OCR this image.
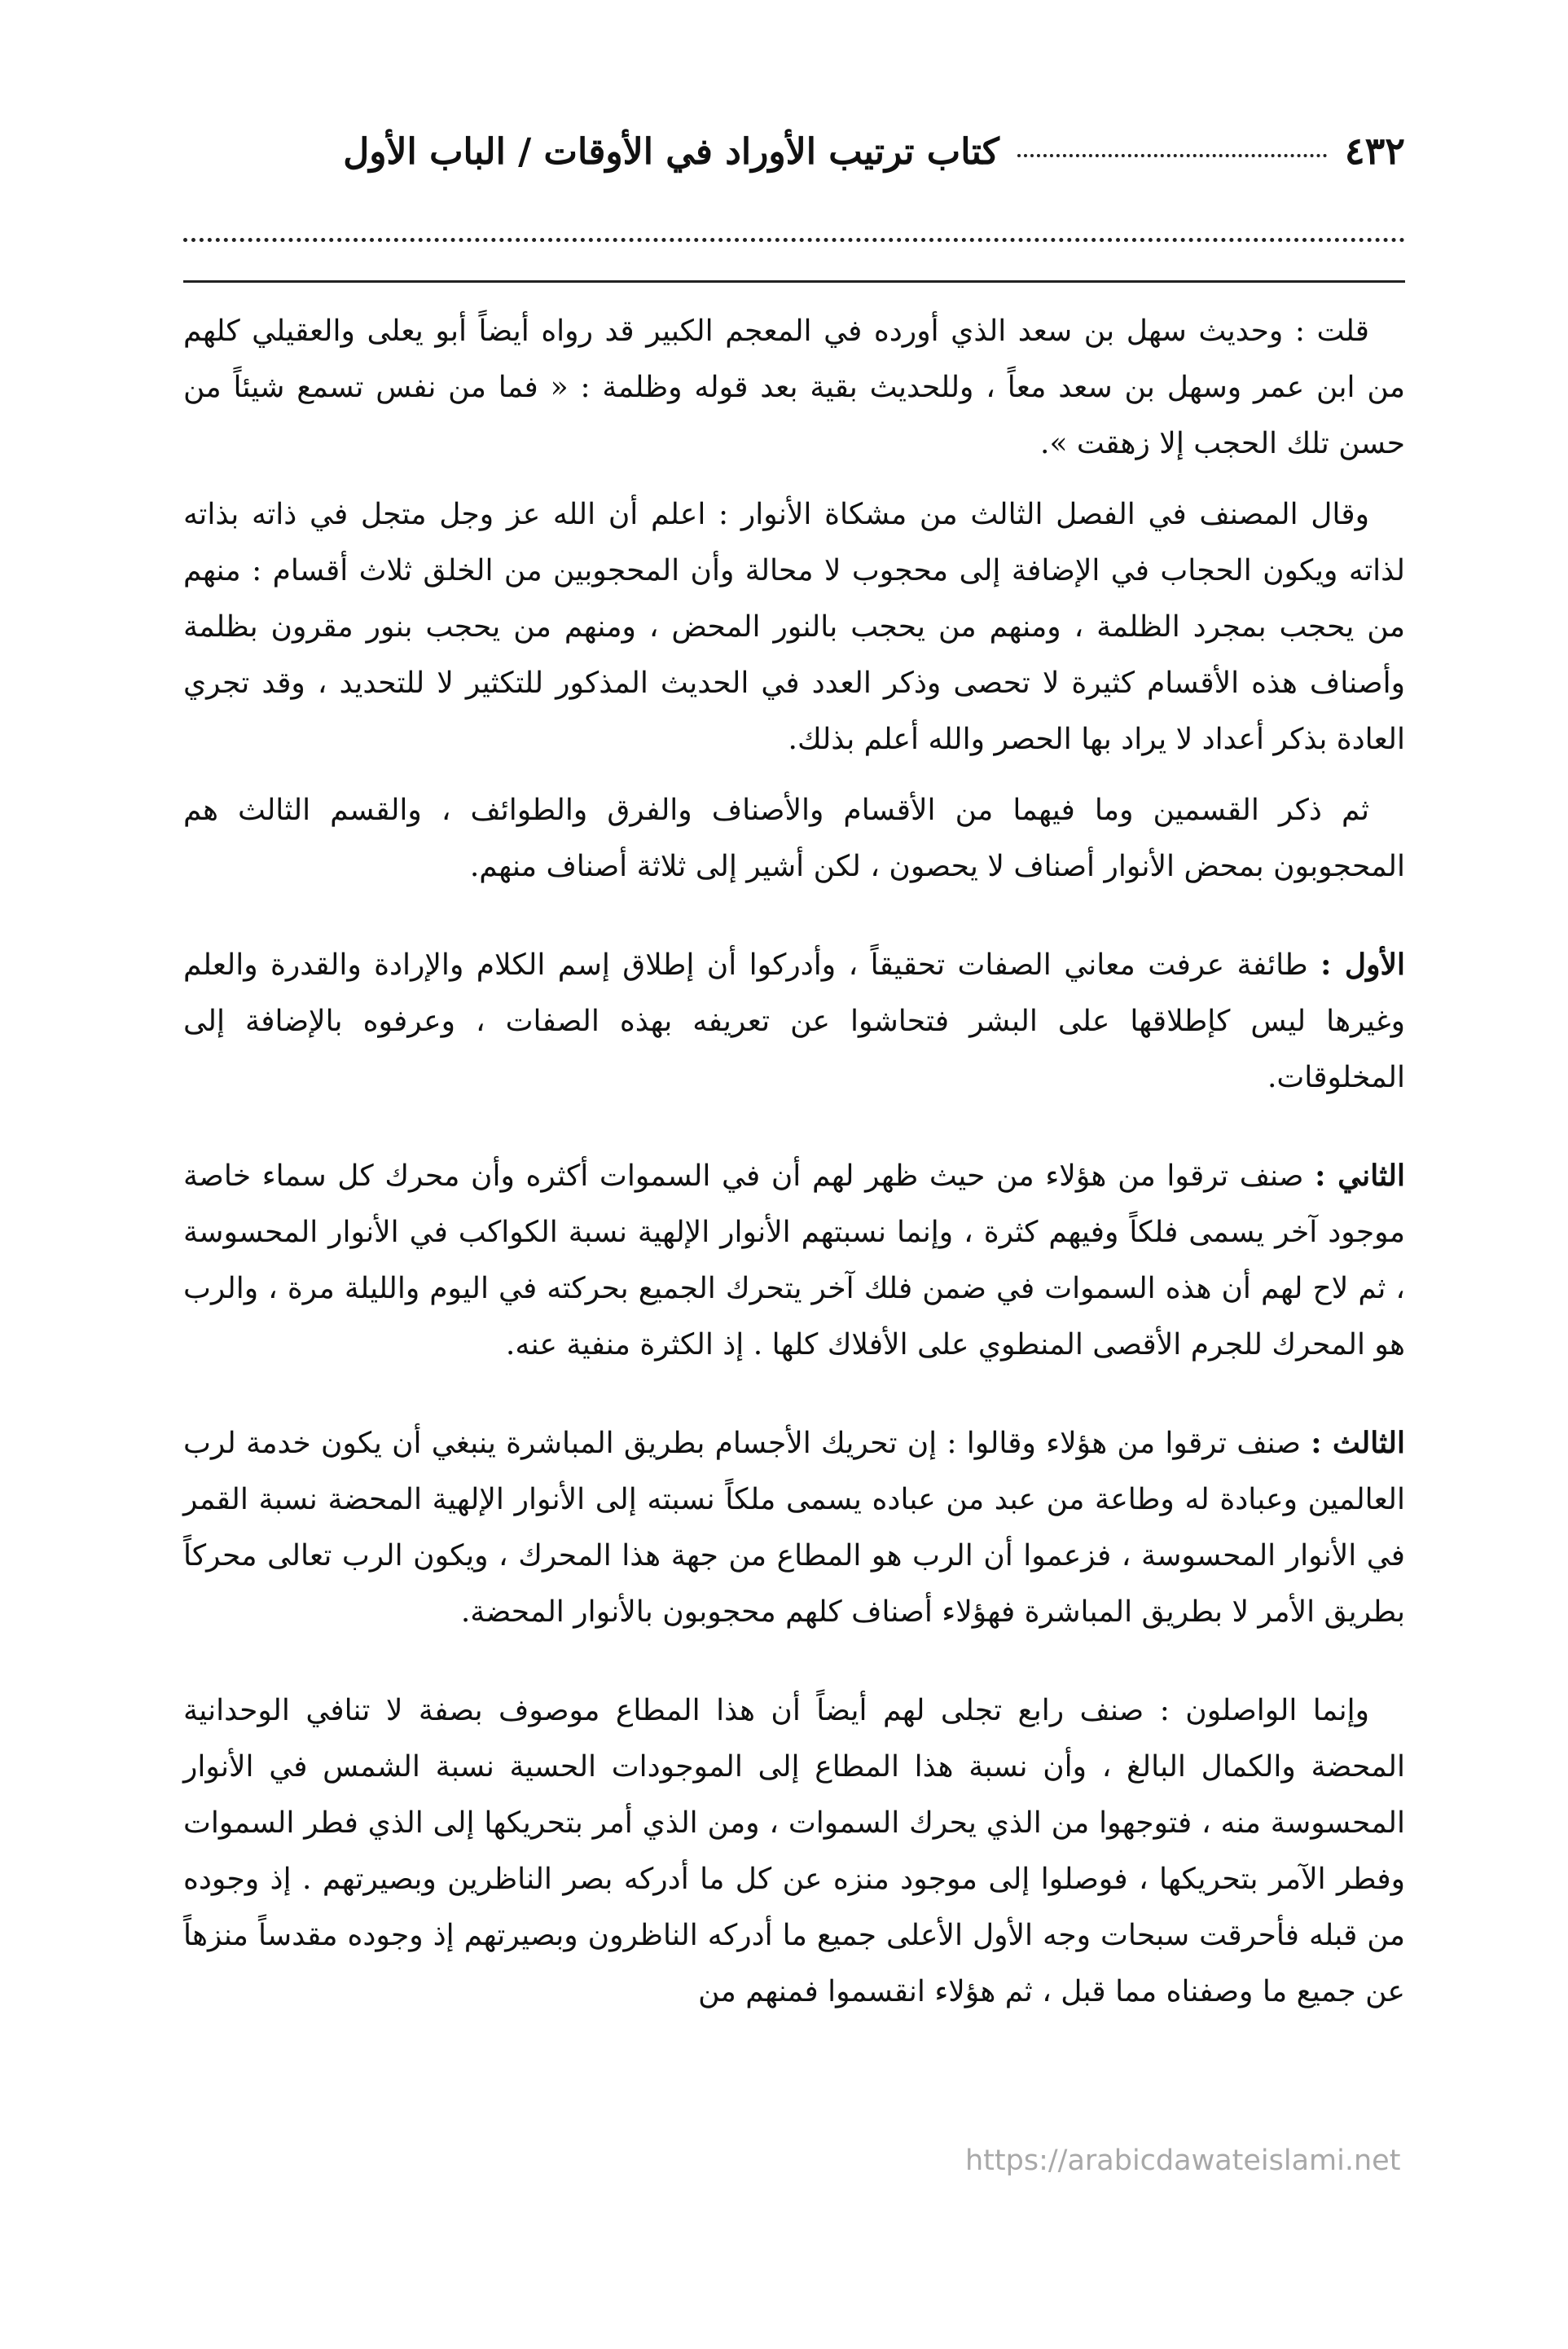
٤٣٢
كتاب ترتيب الأوراد في الأوقات / الباب الأول

قلت : وحديث سهل بن سعد الذي أورده في المعجم الكبير قد رواه أيضاً أبو يعلى والعقيلي كلهم من ابن عمر وسهل بن سعد معاً ، وللحديث بقية بعد قوله وظلمة : « فما من نفس تسمع شيئاً من حسن تلك الحجب إلا زهقت ».

وقال المصنف في الفصل الثالث من مشكاة الأنوار : اعلم أن الله عز وجل متجل في ذاته بذاته لذاته ويكون الحجاب في الإضافة إلى محجوب لا محالة وأن المحجوبين من الخلق ثلاث أقسام : منهم من يحجب بمجرد الظلمة ، ومنهم من يحجب بالنور المحض ، ومنهم من يحجب بنور مقرون بظلمة وأصناف هذه الأقسام كثيرة لا تحصى وذكر العدد في الحديث المذكور للتكثير لا للتحديد ، وقد تجري العادة بذكر أعداد لا يراد بها الحصر والله أعلم بذلك.

ثم ذكر القسمين وما فيهما من الأقسام والأصناف والفرق والطوائف ، والقسم الثالث هم المحجوبون بمحض الأنوار أصناف لا يحصون ، لكن أشير إلى ثلاثة أصناف منهم.

الأول : طائفة عرفت معاني الصفات تحقيقاً ، وأدركوا أن إطلاق إسم الكلام والإرادة والقدرة والعلم وغيرها ليس كإطلاقها على البشر فتحاشوا عن تعريفه بهذه الصفات ، وعرفوه بالإضافة إلى المخلوقات.

الثاني : صنف ترقوا من هؤلاء من حيث ظهر لهم أن في السموات أكثره وأن محرك كل سماء خاصة موجود آخر يسمى فلكاً وفيهم كثرة ، وإنما نسبتهم الأنوار الإلهية نسبة الكواكب في الأنوار المحسوسة ، ثم لاح لهم أن هذه السموات في ضمن فلك آخر يتحرك الجميع بحركته في اليوم والليلة مرة ، والرب هو المحرك للجرم الأقصى المنطوي على الأفلاك كلها . إذ الكثرة منفية عنه.

الثالث : صنف ترقوا من هؤلاء وقالوا : إن تحريك الأجسام بطريق المباشرة ينبغي أن يكون خدمة لرب العالمين وعبادة له وطاعة من عبد من عباده يسمى ملكاً نسبته إلى الأنوار الإلهية المحضة نسبة القمر في الأنوار المحسوسة ، فزعموا أن الرب هو المطاع من جهة هذا المحرك ، ويكون الرب تعالى محركاً بطريق الأمر لا بطريق المباشرة فهؤلاء أصناف كلهم محجوبون بالأنوار المحضة.

وإنما الواصلون : صنف رابع تجلى لهم أيضاً أن هذا المطاع موصوف بصفة لا تنافي الوحدانية المحضة والكمال البالغ ، وأن نسبة هذا المطاع إلى الموجودات الحسية نسبة الشمس في الأنوار المحسوسة منه ، فتوجهوا من الذي يحرك السموات ، ومن الذي أمر بتحريكها إلى الذي فطر السموات وفطر الآمر بتحريكها ، فوصلوا إلى موجود منزه عن كل ما أدركه بصر الناظرين وبصيرتهم . إذ وجوده من قبله فأحرقت سبحات وجه الأول الأعلى جميع ما أدركه الناظرون وبصيرتهم إذ وجوده مقدساً منزهاً عن جميع ما وصفناه مما قبل ، ثم هؤلاء انقسموا فمنهم من

https://arabicdawateislami.net
